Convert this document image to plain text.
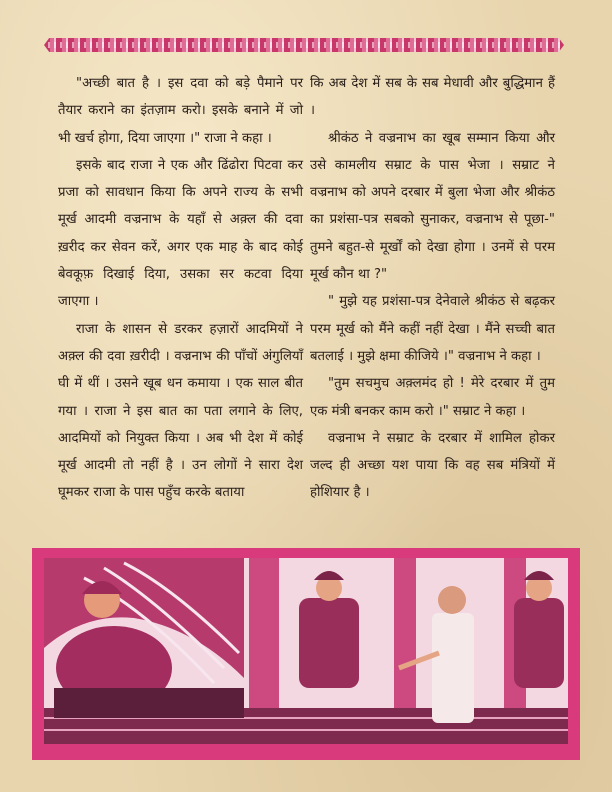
"अच्छी बात है । इस दवा को बड़े पैमाने पर तैयार कराने का इंतज़ाम करो। इसके बनाने में जो भी खर्च होगा, दिया जाएगा ।" राजा ने कहा ।

इसके बाद राजा ने एक और ढिंढोरा पिटवा कर प्रजा को सावधान किया कि अपने राज्य के सभी मूर्ख आदमी वज्रनाभ के यहाँ से अक़्ल की दवा ख़रीद कर सेवन करें, अगर एक माह के बाद कोई बेवकूफ़ दिखाई दिया, उसका सर कटवा दिया जाएगा ।

राजा के शासन से डरकर हज़ारों आदमियों ने अक़्ल की दवा ख़रीदी । वज्रनाभ की पाँचों अंगुलियाँ घी में थीं । उसने खूब धन कमाया । एक साल बीत गया । राजा ने इस बात का पता लगाने के लिए, आदमियों को नियुक्त किया । अब भी देश में कोई मूर्ख आदमी तो नहीं है । उन लोगों ने सारा देश घूमकर राजा के पास पहुँच करके बताया

कि अब देश में सब के सब मेधावी और बुद्धिमान हैं ।

श्रीकंठ ने वज्रनाभ का खूब सम्मान किया और उसे कामलीय सम्राट के पास भेजा । सम्राट ने वज्रनाभ को अपने दरबार में बुला भेजा और श्रीकंठ का प्रशंसा-पत्र सबको सुनाकर, वज्रनाभ से पूछा-" तुमने बहुत-से मूर्खों को देखा होगा । उनमें से परम मूर्ख कौन था ?"

" मुझे यह प्रशंसा-पत्र देनेवाले श्रीकंठ से बढ़कर परम मूर्ख को मैंने कहीं नहीं देखा । मैंने सच्ची बात बतलाई । मुझे क्षमा कीजिये ।" वज्रनाभ ने कहा ।

"तुम सचमुच अक़्लमंद हो ! मेरे दरबार में तुम एक मंत्री बनकर काम करो ।" सम्राट ने कहा ।

वज्रनाभ ने सम्राट के दरबार में शामिल होकर जल्द ही अच्छा यश पाया कि वह सब मंत्रियों में होशियार है ।
